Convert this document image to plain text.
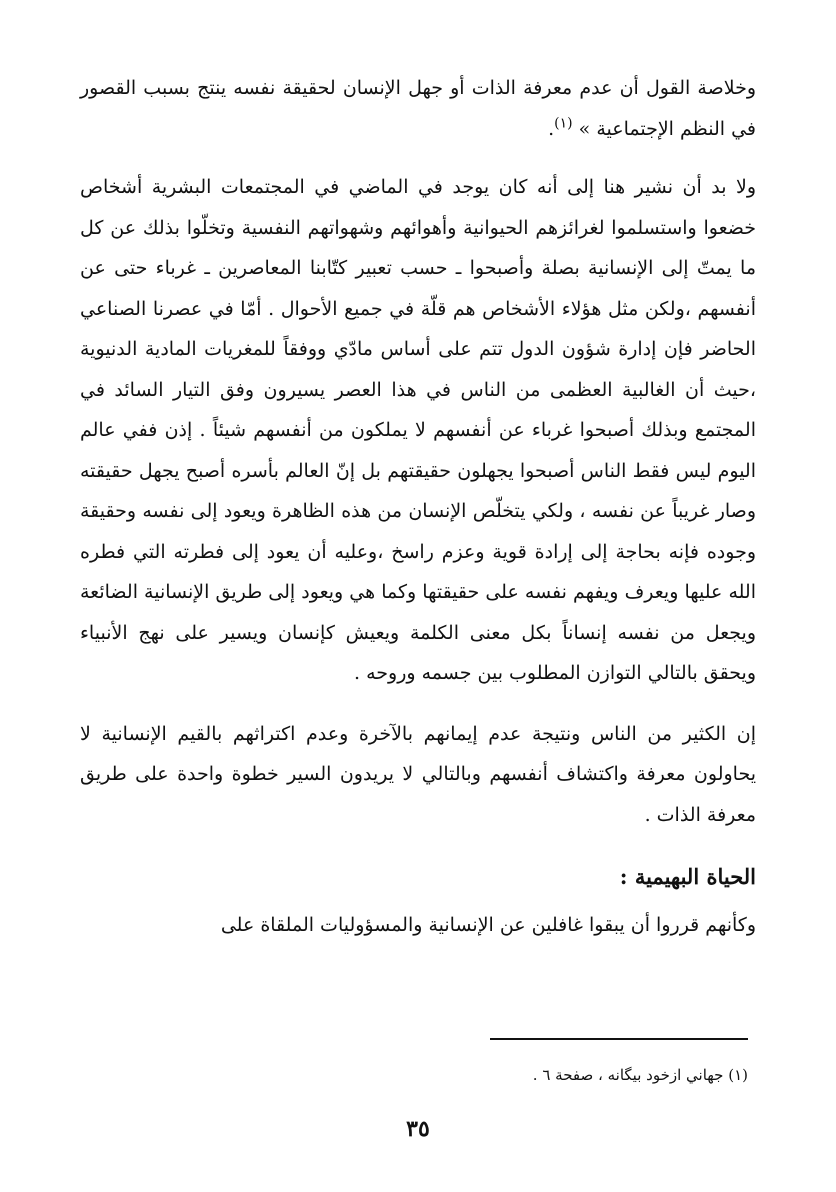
وخلاصة القول أن عدم معرفة الذات أو جهل الإنسان لحقيقة نفسه ينتج بسبب القصور في النظم الإجتماعية » $^{(١)}$.

ولا بد أن نشير هنا إلى أنه كان يوجد في الماضي في المجتمعات البشرية أشخاص خضعوا واستسلموا لغرائزهم الحيوانية وأهوائهم وشهواتهم النفسية وتخلّوا بذلك عن كل ما يمتّ إلى الإنسانية بصلة وأصبحوا ـ حسب تعبير كتّابنا المعاصرين ـ غرباء حتى عن أنفسهم ،ولكن مثل هؤلاء الأشخاص هم قلّة في جميع الأحوال . أمّا في عصرنا الصناعي الحاضر فإن إدارة شؤون الدول تتم على أساس مادّي ووفقاً للمغريات المادية الدنيوية ،حيث أن الغالبية العظمى من الناس في هذا العصر يسيرون وفق التيار السائد في المجتمع وبذلك أصبحوا غرباء عن أنفسهم لا يملكون من أنفسهم شيئاً . إذن ففي عالم اليوم ليس فقط الناس أصبحوا يجهلون حقيقتهم بل إنّ العالم بأسره أصبح يجهل حقيقته وصار غريباً عن نفسه ، ولكي يتخلّص الإنسان من هذه الظاهرة ويعود إلى نفسه وحقيقة وجوده فإنه بحاجة إلى إرادة قوية وعزم راسخ ،وعليه أن يعود إلى فطرته التي فطره الله عليها ويعرف ويفهم نفسه على حقيقتها وكما هي ويعود إلى طريق الإنسانية الضائعة ويجعل من نفسه إنساناً بكل معنى الكلمة ويعيش كإنسان ويسير على نهج الأنبياء ويحقق بالتالي التوازن المطلوب بين جسمه وروحه .

إن الكثير من الناس ونتيجة عدم إيمانهم بالآخرة وعدم اكتراثهم بالقيم الإنسانية لا يحاولون معرفة واكتشاف أنفسهم وبالتالي لا يريدون السير خطوة واحدة على طريق معرفة الذات .

الحياة البهيمية :

وكأنهم قرروا أن يبقوا غافلين عن الإنسانية والمسؤوليات الملقاة على

(١) جهاني ازخود بيگانه ، صفحة ٦ .

٣٥
